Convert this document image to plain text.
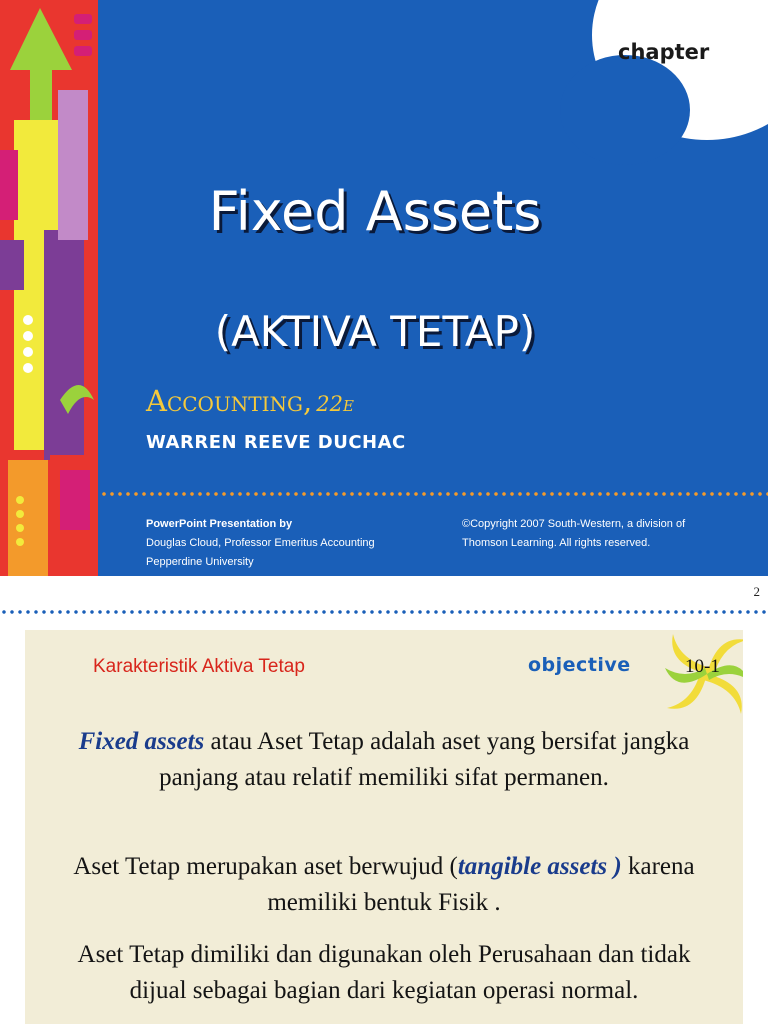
chapter
Fixed Assets
(AKTIVA TETAP)
Accounting, 22e
WARREN REEVE DUCHAC
PowerPoint Presentation by
Douglas Cloud, Professor Emeritus Accounting
Pepperdine University
©Copyright 2007 South-Western, a division of
Thomson Learning. All rights reserved.
2
Karakteristik Aktiva Tetap	objective	10-1
Fixed assets atau Aset Tetap adalah aset yang bersifat jangka panjang atau relatif memiliki sifat permanen.
Aset Tetap merupakan aset berwujud (tangible assets ) karena memiliki bentuk Fisik .
Aset Tetap dimiliki dan digunakan oleh Perusahaan dan tidak dijual sebagai bagian dari kegiatan operasi normal.
